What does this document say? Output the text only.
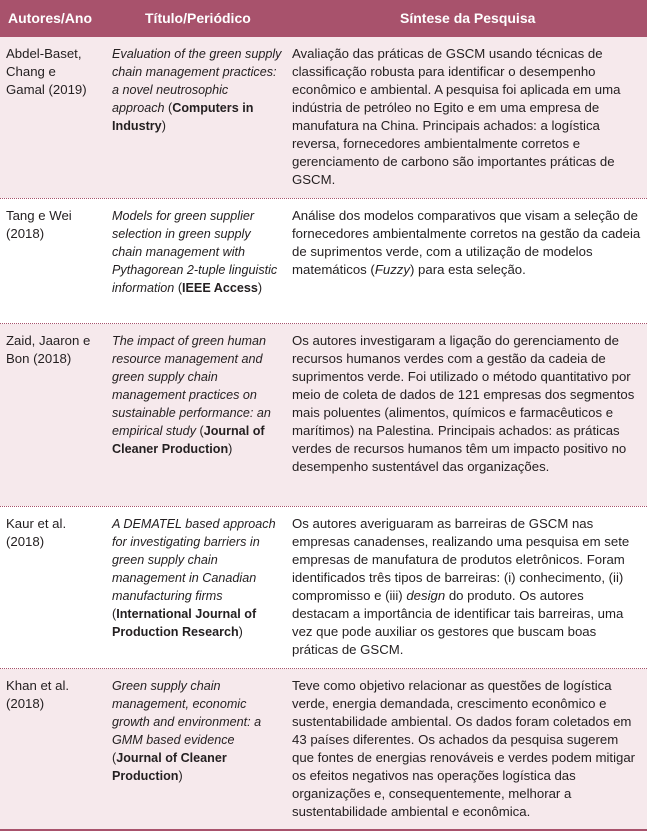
Autores/Ano	Título/Periódico	Síntese da Pesquisa
Abdel-Baset, Chang e Gamal (2019)
Evaluation of the green supply chain management practices: a novel neutrosophic approach (Computers in Industry)
Avaliação das práticas de GSCM usando técnicas de classificação robusta para identificar o desempenho econômico e ambiental. A pesquisa foi aplicada em uma indústria de petróleo no Egito e em uma empresa de manufatura na China. Principais achados: a logística reversa, fornecedores ambientalmente corretos e gerenciamento de carbono são importantes práticas de GSCM.
Tang e Wei (2018)
Models for green supplier selection in green supply chain management with Pythagorean 2-tuple linguistic information (IEEE Access)
Análise dos modelos comparativos que visam a seleção de fornecedores ambientalmente corretos na gestão da cadeia de suprimentos verde, com a utilização de modelos matemáticos (Fuzzy) para esta seleção.
Zaid, Jaaron e Bon (2018)
The impact of green human resource management and green supply chain management practices on sustainable performance: an empirical study (Journal of Cleaner Production)
Os autores investigaram a ligação do gerenciamento de recursos humanos verdes com a gestão da cadeia de suprimentos verde. Foi utilizado o método quantitativo por meio de coleta de dados de 121 empresas dos segmentos mais poluentes (alimentos, químicos e farmacêuticos e marítimos) na Palestina. Principais achados: as práticas verdes de recursos humanos têm um impacto positivo no desempenho sustentável das organizações.
Kaur et al. (2018)
A DEMATEL based approach for investigating barriers in green supply chain management in Canadian manufacturing firms (International Journal of Production Research)
Os autores averiguaram as barreiras de GSCM nas empresas canadenses, realizando uma pesquisa em sete empresas de manufatura de produtos eletrônicos. Foram identificados três tipos de barreiras: (i) conhecimento, (ii) compromisso e (iii) design do produto. Os autores destacam a importância de identificar tais barreiras, uma vez que pode auxiliar os gestores que buscam boas práticas de GSCM.
Khan et al. (2018)
Green supply chain management, economic growth and environment: a GMM based evidence (Journal of Cleaner Production)
Teve como objetivo relacionar as questões de logística verde, energia demandada, crescimento econômico e sustentabilidade ambiental. Os dados foram coletados em 43 países diferentes. Os achados da pesquisa sugerem que fontes de energias renováveis e verdes podem mitigar os efeitos negativos nas operações logística das organizações e, consequentemente, melhorar a sustentabilidade ambiental e econômica.
